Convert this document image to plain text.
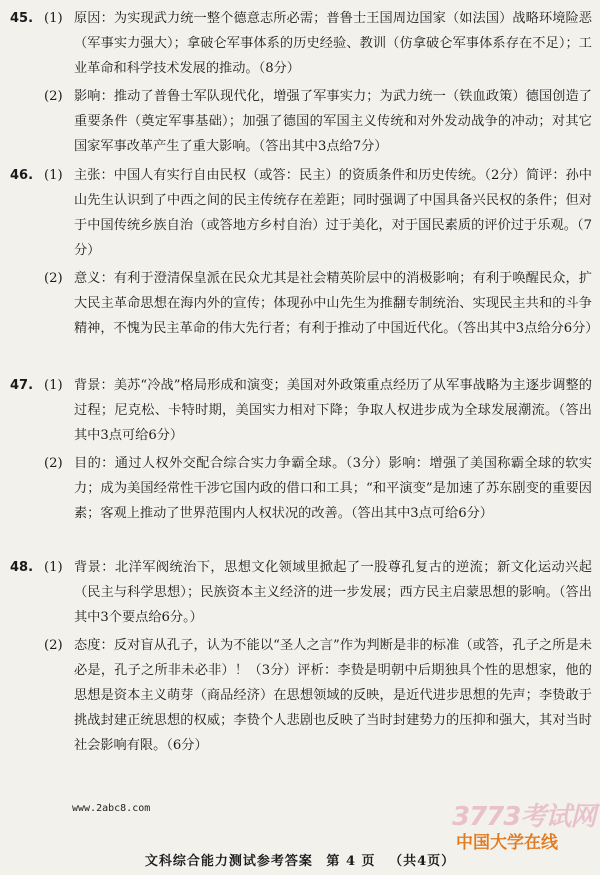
45. (1) 原因：为实现武力统一整个德意志所必需；普鲁士王国周边国家（如法国）战略环境险恶（军事实力强大）；拿破仑军事体系的历史经验、教训（仿拿破仑军事体系存在不足）；工业革命和科学技术发展的推动。（8分）
(2) 影响：推动了普鲁士军队现代化，增强了军事实力；为武力统一（铁血政策）德国创造了重要条件（奠定军事基础）；加强了德国的军国主义传统和对外发动战争的冲动；对其它国家军事改革产生了重大影响。（答出其中3点给7分）
46. (1) 主张：中国人有实行自由民权（或答：民主）的资质条件和历史传统。（2分）简评：孙中山先生认识到了中西之间的民主传统存在差距；同时强调了中国具备兴民权的条件；但对于中国传统乡族自治（或答地方乡村自治）过于美化，对于国民素质的评价过于乐观。（7分）
(2) 意义：有利于澄清保皇派在民众尤其是社会精英阶层中的消极影响；有利于唤醒民众，扩大民主革命思想在海内外的宣传；体现孙中山先生为推翻专制统治、实现民主共和的斗争精神，不愧为民主革命的伟大先行者；有利于推动了中国近代化。（答出其中3点给分6分）
47. (1) 背景：美苏“冷战”格局形成和演变；美国对外政策重点经历了从军事战略为主逐步调整的过程；尼克松、卡特时期，美国实力相对下降；争取人权进步成为全球发展潮流。（答出其中3点可给6分）
(2) 目的：通过人权外交配合综合实力争霸全球。（3分）影响：增强了美国称霸全球的软实力；成为美国经常性干涉它国内政的借口和工具；“和平演变”是加速了苏东剧变的重要因素；客观上推动了世界范围内人权状况的改善。（答出其中3点可给6分）
48. (1) 背景：北洋军阀统治下，思想文化领域里掀起了一股尊孔复古的逆流；新文化运动兴起（民主与科学思想）；民族资本主义经济的进一步发展；西方民主启蒙思想的影响。（答出其中3个要点给6分。）
(2) 态度：反对盲从孔子，认为不能以“圣人之言”作为判断是非的标准（或答，孔子之所是未必是，孔子之所非未必非）！（3分）评析：李贽是明朝中后期独具个性的思想家，他的思想是资本主义萌芽（商品经济）在思想领域的反映，是近代进步思想的先声；李贽敢于挑战封建正统思想的权威；李贽个人悲剧也反映了当时封建势力的压抑和强大，其对当时社会影响有限。（6分）
www.2abc8.com	3773考试网
中国大学在线
文科综合能力测试参考答案 第 4 页 （共4页）
